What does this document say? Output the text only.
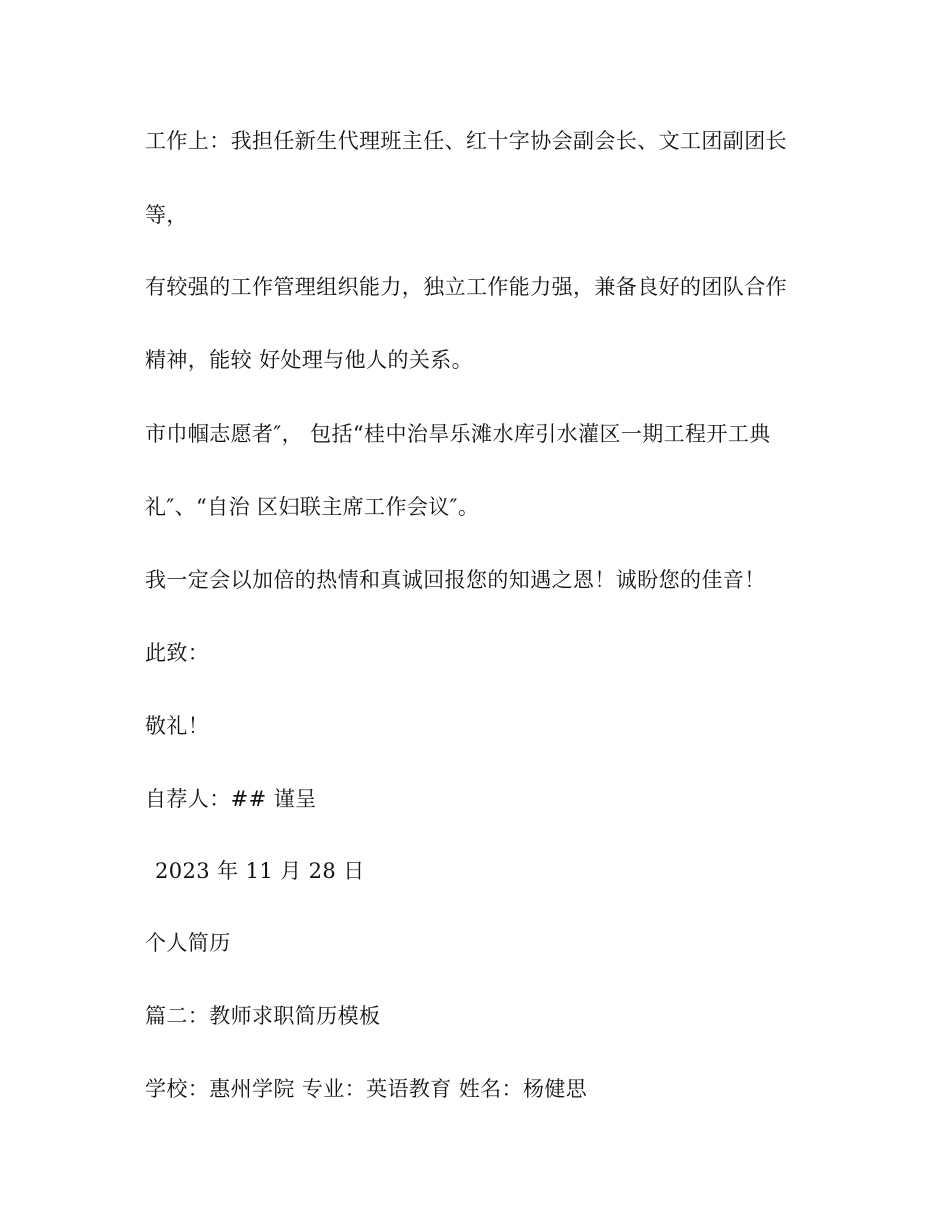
工作上：我担任新生代理班主任、红十字协会副会长、文工团副团长
等，
有较强的工作管理组织能力，独立工作能力强，兼备良好的团队合作
精神，能较 好处理与他人的关系。
市巾帼志愿者″， 包括“桂中治旱乐滩水库引水灌区一期工程开工典
礼″、“自治 区妇联主席工作会议″。
我一定会以加倍的热情和真诚回报您的知遇之恩！诚盼您的佳音！
此致：
敬礼！
自荐人：## 谨呈
2023 年 11 月 28 日
个人简历
篇二：教师求职简历模板
学校：惠州学院 专业：英语教育 姓名：杨健思
